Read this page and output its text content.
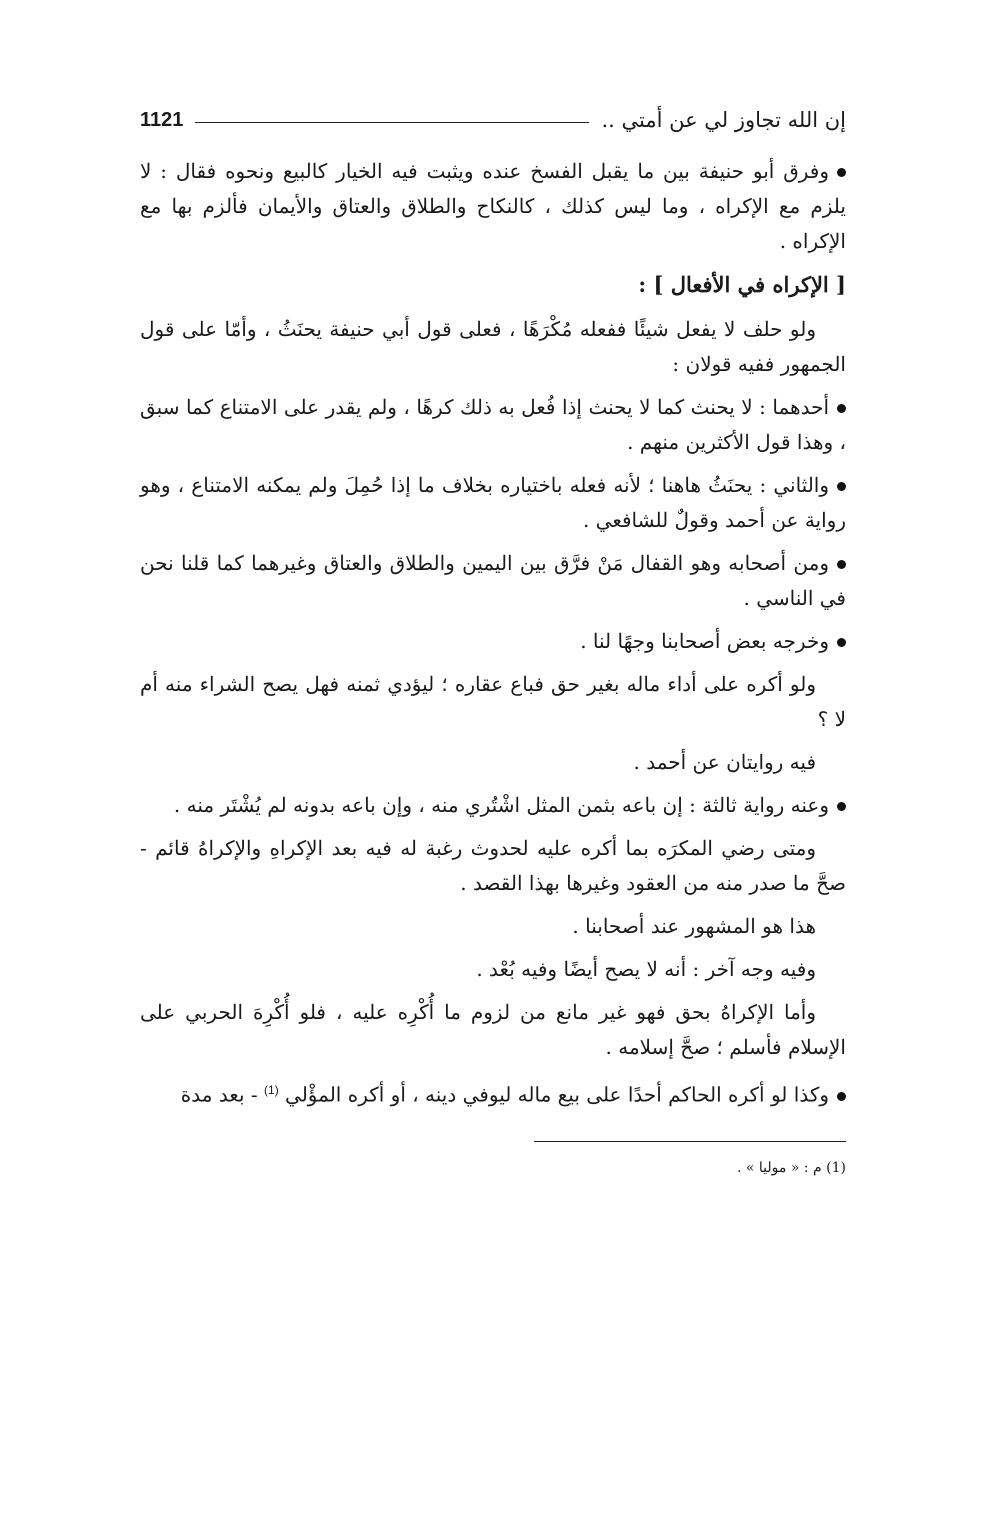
إن الله تجاوز لي عن أمتي ..
1121

وفرق أبو حنيفة بين ما يقبل الفسخ عنده ويثبت فيه الخيار كالبيع ونحوه فقال : لا يلزم مع الإكراه ، وما ليس كذلك ، كالنكاح والطلاق والعتاق والأيمان فألزم بها مع الإكراه .

[ الإكراه في الأفعال ] :

ولو حلف لا يفعل شيئًا ففعله مُكْرَهًا ، فعلى قول أبي حنيفة يحنَثُ ، وأمّا على قول الجمهور ففيه قولان :

أحدهما : لا يحنث كما لا يحنث إذا فُعل به ذلك كرهًا ، ولم يقدر على الامتناع كما سبق ، وهذا قول الأكثرين منهم .

والثاني : يحنَثُ هاهنا ؛ لأنه فعله باختياره بخلاف ما إذا حُمِلَ ولم يمكنه الامتناع ، وهو رواية عن أحمد وقولٌ للشافعي .

ومن أصحابه وهو القفال مَنْ فرَّق بين اليمين والطلاق والعتاق وغيرهما كما قلنا نحن في الناسي .

وخرجه بعض أصحابنا وجهًا لنا .

ولو أكره على أداء ماله بغير حق فباع عقاره ؛ ليؤدي ثمنه فهل يصح الشراء منه أم لا ؟

فيه روايتان عن أحمد .

وعنه رواية ثالثة : إن باعه بثمن المثل اشْتُري منه ، وإن باعه بدونه لم يُشْتَر منه .

ومتى رضي المكرَه بما أكره عليه لحدوث رغبة له فيه بعد الإكراهِ والإكراهُ قائم - صحَّ ما صدر منه من العقود وغيرها بهذا القصد .

هذا هو المشهور عند أصحابنا .

وفيه وجه آخر : أنه لا يصح أيضًا وفيه بُعْد .

وأما الإكراهُ بحق فهو غير مانع من لزوم ما أُكْرِه عليه ، فلو أُكْرِهَ الحربي على الإسلام فأسلم ؛ صحَّ إسلامه .

وكذا لو أكره الحاكم أحدًا على بيع ماله ليوفي دينه ، أو أكره المؤْلي $^{(1)}$ - بعد مدة

(1) م : « موليا » .
